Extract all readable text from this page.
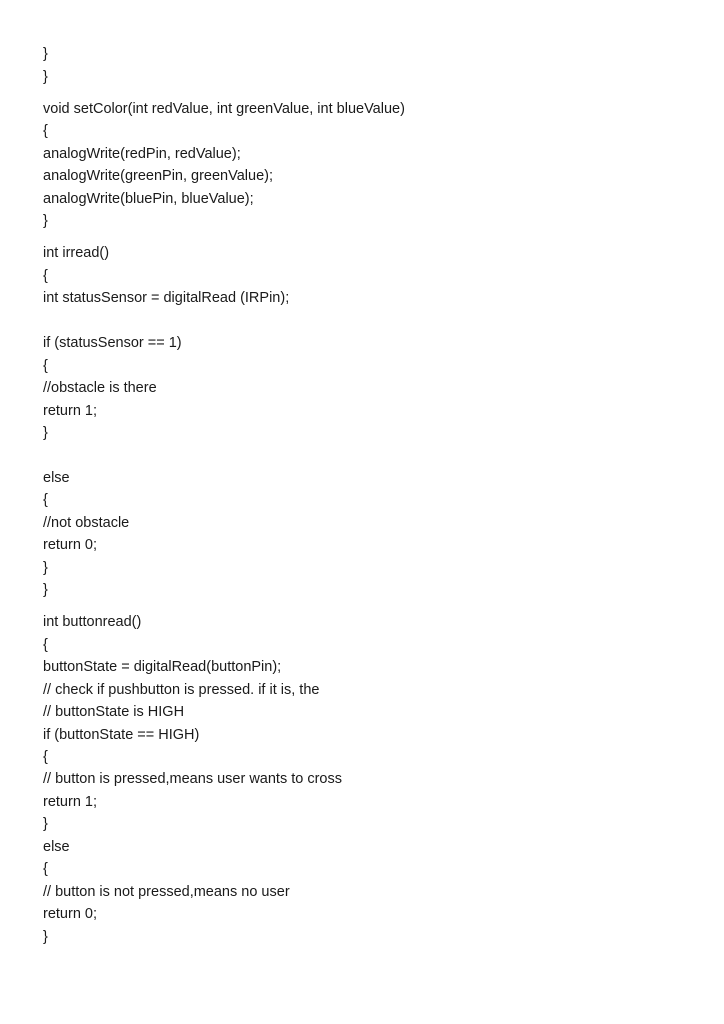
}

}

void setColor(int redValue, int greenValue, int blueValue)

{

analogWrite(redPin, redValue);

analogWrite(greenPin, greenValue);

analogWrite(bluePin, blueValue);

}

int irread()

{

int statusSensor = digitalRead (IRPin);

if (statusSensor == 1)

{

//obstacle is there

return 1;

}

else

{

//not obstacle

return 0;

}

}

int buttonread()

{

buttonState = digitalRead(buttonPin);

// check if pushbutton is pressed. if it is, the

// buttonState is HIGH

if (buttonState == HIGH)

{

// button is pressed,means user wants to cross

return 1;

}

else

{

// button is not pressed,means no user

return 0;

}
